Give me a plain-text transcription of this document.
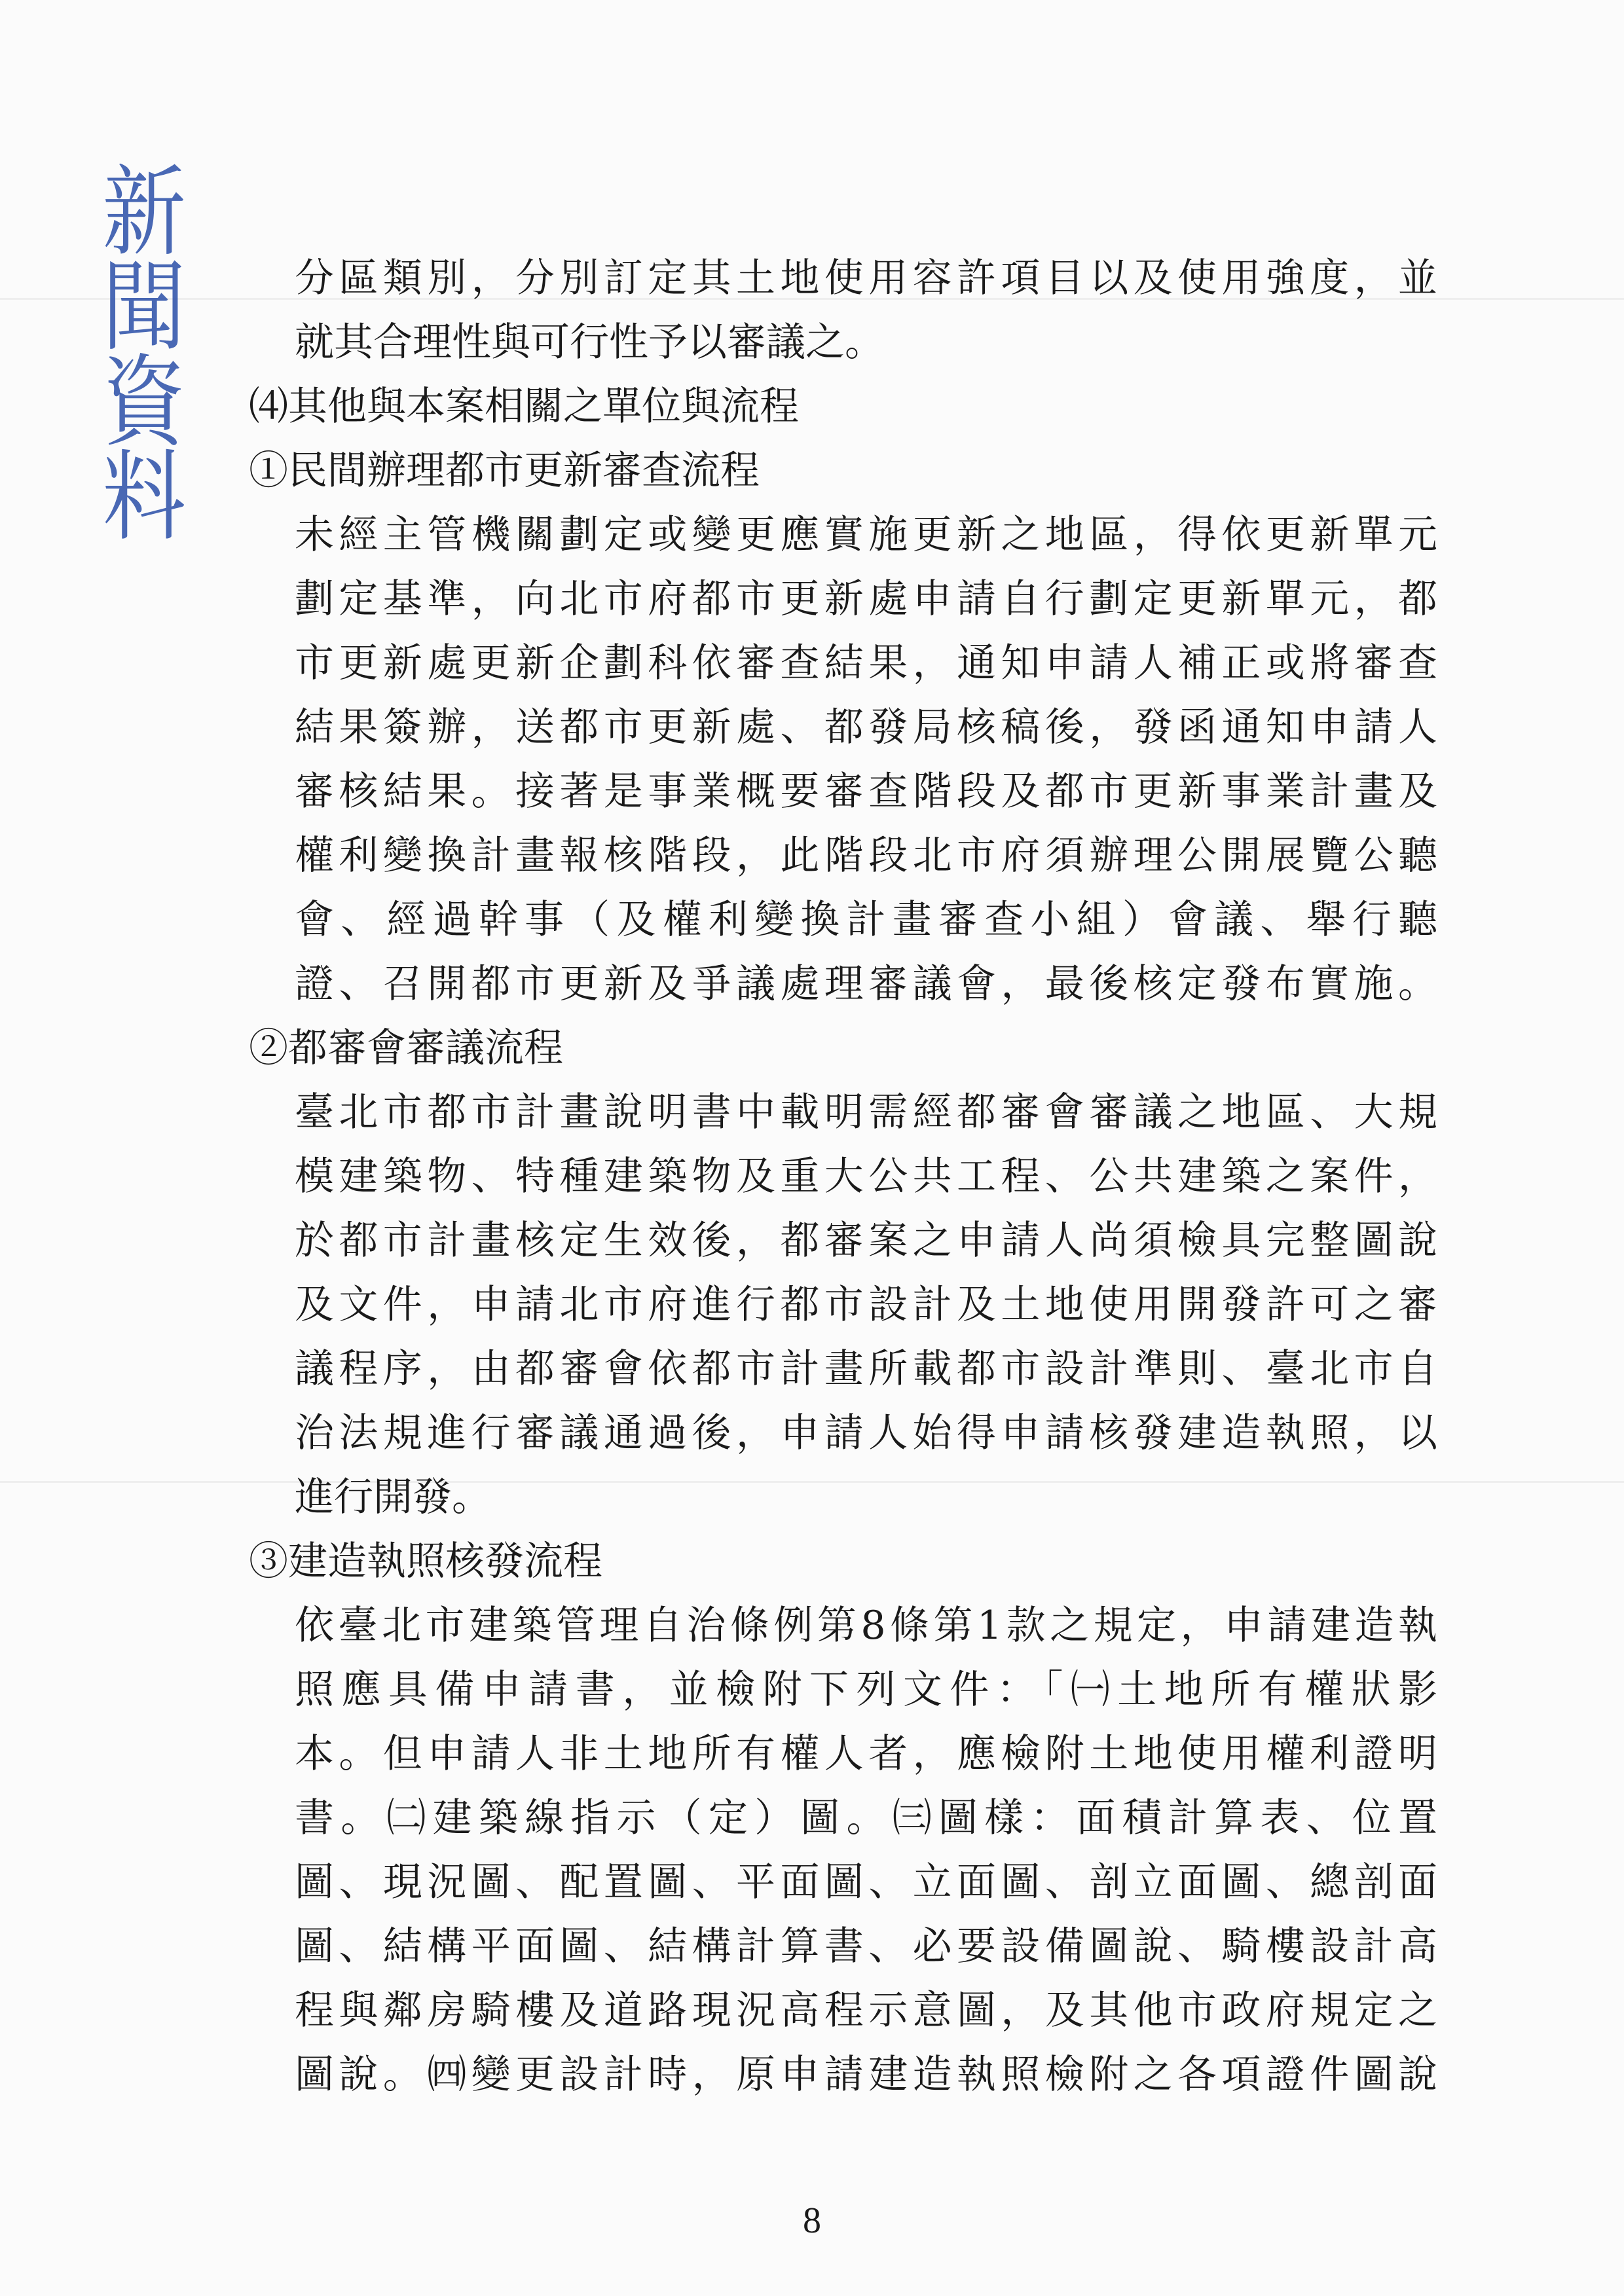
新
聞
資
料
分區類別，分別訂定其土地使用容許項目以及使用強度，並
就其合理性與可行性予以審議之。
⑷其他與本案相關之單位與流程
①民間辦理都市更新審查流程
未經主管機關劃定或變更應實施更新之地區，得依更新單元
劃定基準，向北市府都市更新處申請自行劃定更新單元，都
市更新處更新企劃科依審查結果，通知申請人補正或將審查
結果簽辦，送都市更新處、都發局核稿後，發函通知申請人
審核結果。接著是事業概要審查階段及都市更新事業計畫及
權利變換計畫報核階段，此階段北市府須辦理公開展覽公聽
會、經過幹事（及權利變換計畫審查小組）會議、舉行聽
證、召開都市更新及爭議處理審議會，最後核定發布實施。
②都審會審議流程
臺北市都市計畫說明書中載明需經都審會審議之地區、大規
模建築物、特種建築物及重大公共工程、公共建築之案件，
於都市計畫核定生效後，都審案之申請人尚須檢具完整圖說
及文件，申請北市府進行都市設計及土地使用開發許可之審
議程序，由都審會依都市計畫所載都市設計準則、臺北市自
治法規進行審議通過後，申請人始得申請核發建造執照，以
進行開發。
③建造執照核發流程
依臺北市建築管理自治條例第8條第1款之規定，申請建造執
照應具備申請書，並檢附下列文件：「㈠土地所有權狀影
本。但申請人非土地所有權人者，應檢附土地使用權利證明
書。㈡建築線指示（定）圖。㈢圖樣：面積計算表、位置
圖、現況圖、配置圖、平面圖、立面圖、剖立面圖、總剖面
圖、結構平面圖、結構計算書、必要設備圖說、騎樓設計高
程與鄰房騎樓及道路現況高程示意圖，及其他市政府規定之
圖說。㈣變更設計時，原申請建造執照檢附之各項證件圖說
8
